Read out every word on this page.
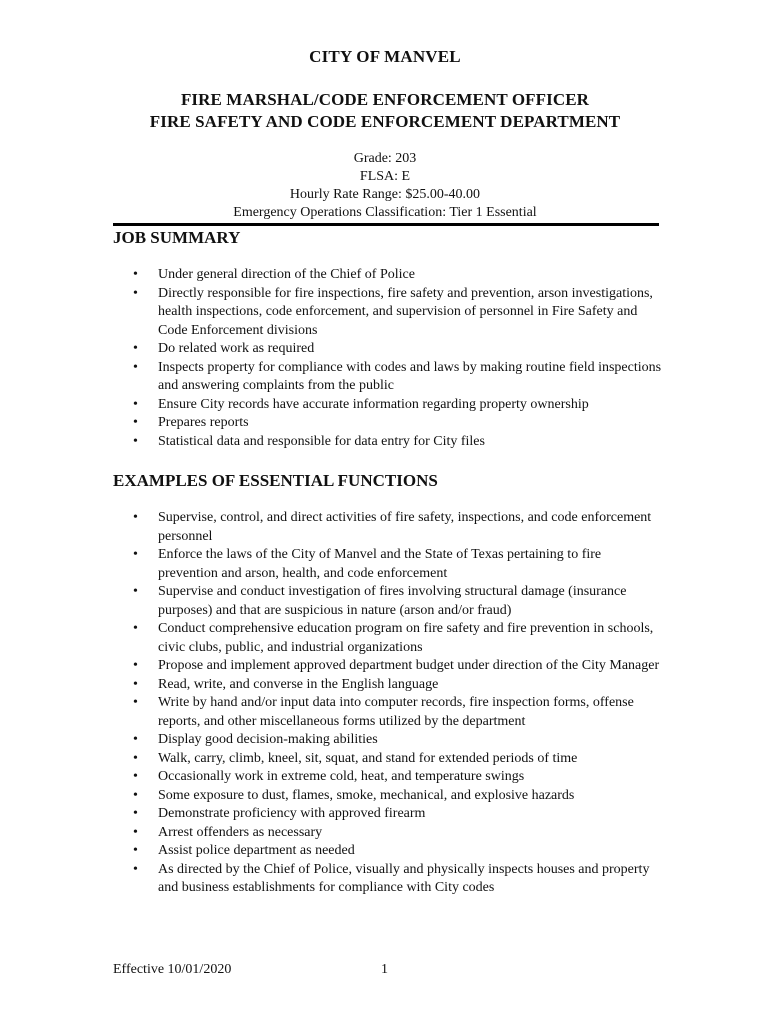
CITY OF MANVEL
FIRE MARSHAL/CODE ENFORCEMENT OFFICER
FIRE SAFETY AND CODE ENFORCEMENT DEPARTMENT
Grade: 203
FLSA: E
Hourly Rate Range: $25.00-40.00
Emergency Operations Classification: Tier 1 Essential
JOB SUMMARY
• Under general direction of the Chief of Police
• Directly responsible for fire inspections, fire safety and prevention, arson investigations, health inspections, code enforcement, and supervision of personnel in Fire Safety and Code Enforcement divisions
• Do related work as required
• Inspects property for compliance with codes and laws by making routine field inspections and answering complaints from the public
• Ensure City records have accurate information regarding property ownership
• Prepares reports
• Statistical data and responsible for data entry for City files
EXAMPLES OF ESSENTIAL FUNCTIONS
• Supervise, control, and direct activities of fire safety, inspections, and code enforcement personnel
• Enforce the laws of the City of Manvel and the State of Texas pertaining to fire prevention and arson, health, and code enforcement
• Supervise and conduct investigation of fires involving structural damage (insurance purposes) and that are suspicious in nature (arson and/or fraud)
• Conduct comprehensive education program on fire safety and fire prevention in schools, civic clubs, public, and industrial organizations
• Propose and implement approved department budget under direction of the City Manager
• Read, write, and converse in the English language
• Write by hand and/or input data into computer records, fire inspection forms, offense reports, and other miscellaneous forms utilized by the department
• Display good decision-making abilities
• Walk, carry, climb, kneel, sit, squat, and stand for extended periods of time
• Occasionally work in extreme cold, heat, and temperature swings
• Some exposure to dust, flames, smoke, mechanical, and explosive hazards
• Demonstrate proficiency with approved firearm
• Arrest offenders as necessary
• Assist police department as needed
• As directed by the Chief of Police, visually and physically inspects houses and property and business establishments for compliance with City codes
Effective 10/01/2020	1
